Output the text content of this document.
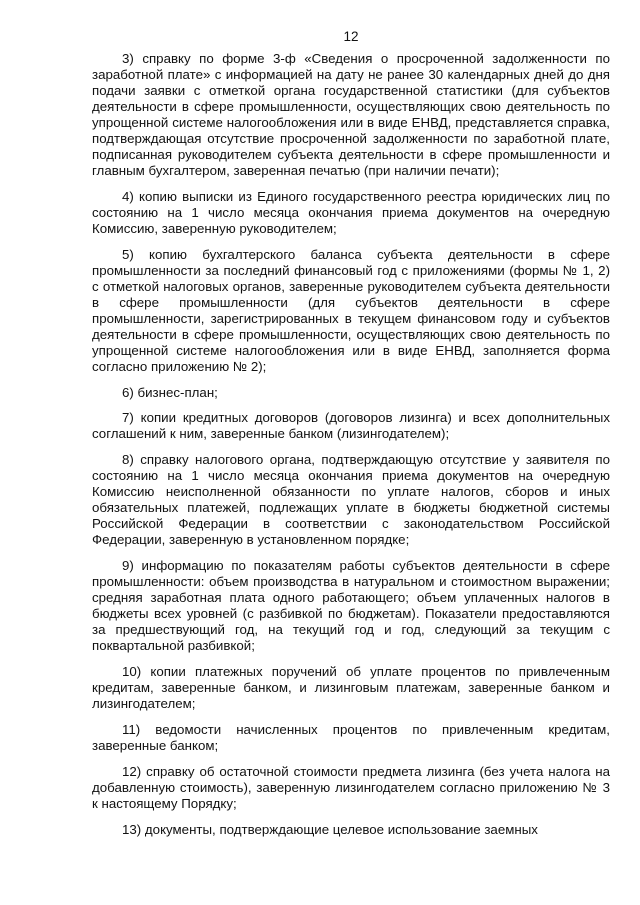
12

3) справку по форме 3-ф «Сведения о просроченной задолженности по заработной плате» с информацией на дату не ранее 30 календарных дней до дня подачи заявки с отметкой органа государственной статистики (для субъектов деятельности в сфере промышленности, осуществляющих свою деятельность по упрощенной системе налогообложения или в виде ЕНВД, представляется справка, подтверждающая отсутствие просроченной задолженности по заработной плате, подписанная руководителем субъекта деятельности в сфере промышленности и главным бухгалтером, заверенная печатью (при наличии печати);

4) копию выписки из Единого государственного реестра юридических лиц по состоянию на 1 число месяца окончания приема документов на очередную Комиссию, заверенную руководителем;

5) копию бухгалтерского баланса субъекта деятельности в сфере промышленности за последний финансовый год с приложениями (формы № 1, 2) с отметкой налоговых органов, заверенные руководителем субъекта деятельности в сфере промышленности (для субъектов деятельности в сфере промышленности, зарегистрированных в текущем финансовом году и субъектов деятельности в сфере промышленности, осуществляющих свою деятельность по упрощенной системе налогообложения или в виде ЕНВД, заполняется форма согласно приложению № 2);

6) бизнес-план;

7) копии кредитных договоров (договоров лизинга) и всех дополнительных соглашений к ним, заверенные банком (лизингодателем);

8) справку налогового органа, подтверждающую отсутствие у заявителя по состоянию на 1 число месяца окончания приема документов на очередную Комиссию неисполненной обязанности по уплате налогов, сборов и иных обязательных платежей, подлежащих уплате в бюджеты бюджетной системы Российской Федерации в соответствии с законодательством Российской Федерации, заверенную в установленном порядке;

9) информацию по показателям работы субъектов деятельности в сфере промышленности: объем производства в натуральном и стоимостном выражении; средняя заработная плата одного работающего; объем уплаченных налогов в бюджеты всех уровней (с разбивкой по бюджетам). Показатели предоставляются за предшествующий год, на текущий год и год, следующий за текущим с поквартальной разбивкой;

10) копии платежных поручений об уплате процентов по привлеченным кредитам, заверенные банком, и лизинговым платежам, заверенные банком и лизингодателем;

11) ведомости начисленных процентов по привлеченным кредитам, заверенные банком;

12) справку об остаточной стоимости предмета лизинга (без учета налога на добавленную стоимость), заверенную лизингодателем согласно приложению № 3 к настоящему Порядку;

13) документы, подтверждающие целевое использование заемных
